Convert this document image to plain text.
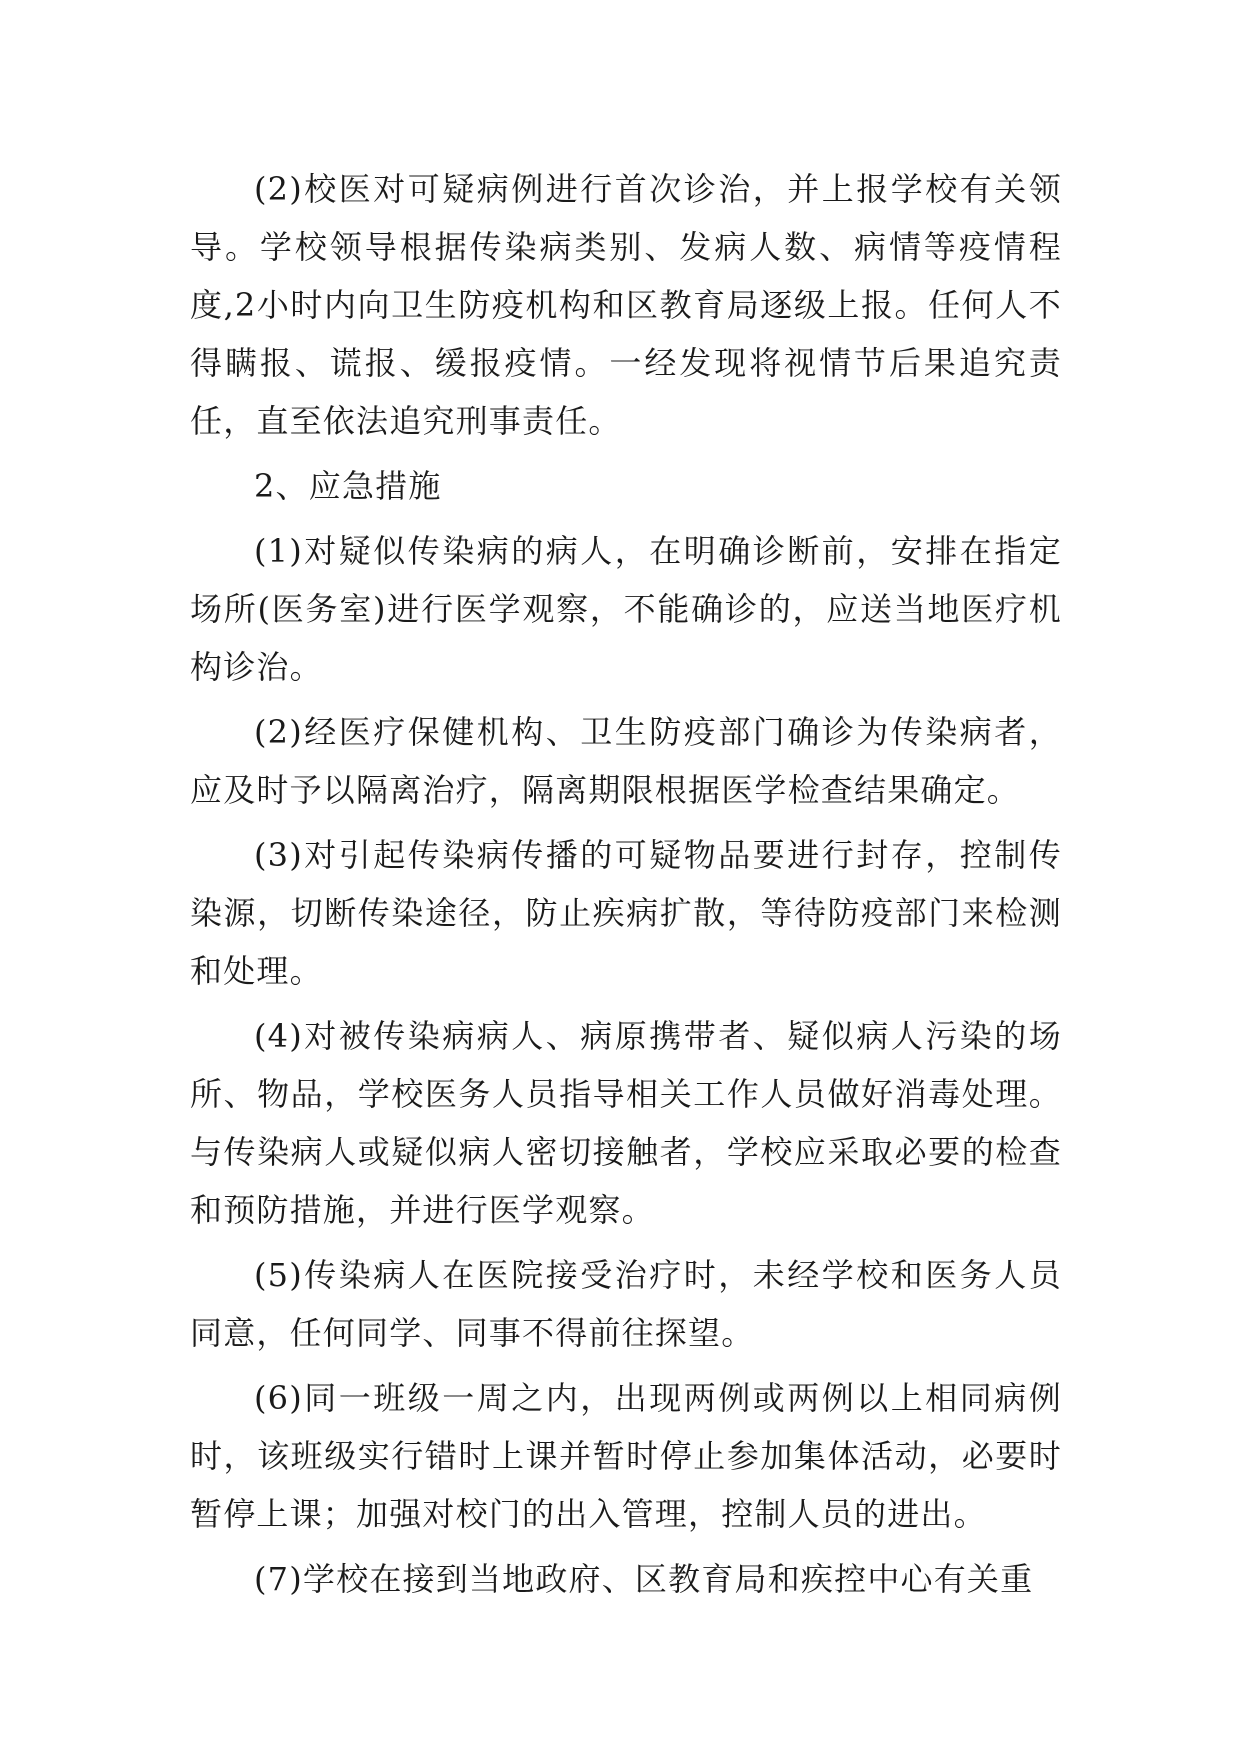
(2)校医对可疑病例进行首次诊治，并上报学校有关领导。学校领导根据传染病类别、发病人数、病情等疫情程度,2小时内向卫生防疫机构和区教育局逐级上报。任何人不得瞒报、谎报、缓报疫情。一经发现将视情节后果追究责任，直至依法追究刑事责任。

2、应急措施

(1)对疑似传染病的病人，在明确诊断前，安排在指定场所(医务室)进行医学观察，不能确诊的，应送当地医疗机构诊治。

(2)经医疗保健机构、卫生防疫部门确诊为传染病者，应及时予以隔离治疗，隔离期限根据医学检查结果确定。

(3)对引起传染病传播的可疑物品要进行封存，控制传染源，切断传染途径，防止疾病扩散，等待防疫部门来检测和处理。

(4)对被传染病病人、病原携带者、疑似病人污染的场所、物品，学校医务人员指导相关工作人员做好消毒处理。与传染病人或疑似病人密切接触者，学校应采取必要的检查和预防措施，并进行医学观察。

(5)传染病人在医院接受治疗时，未经学校和医务人员同意，任何同学、同事不得前往探望。

(6)同一班级一周之内，出现两例或两例以上相同病例时，该班级实行错时上课并暂时停止参加集体活动，必要时暂停上课；加强对校门的出入管理，控制人员的进出。

(7)学校在接到当地政府、区教育局和疾控中心有关重
